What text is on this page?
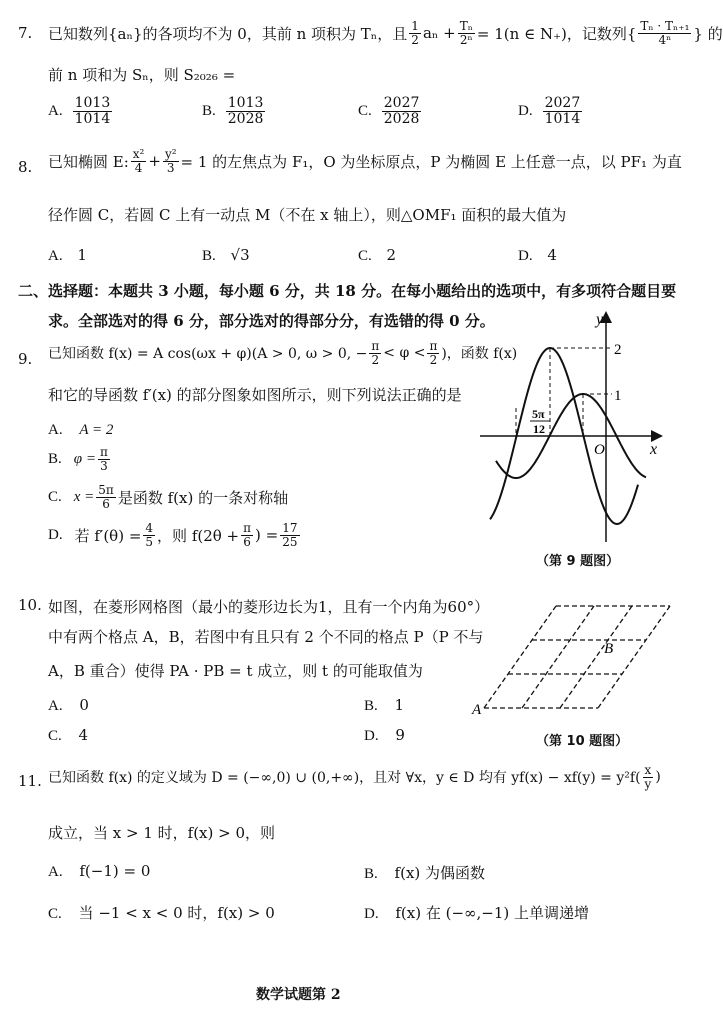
7. 已知数列{aₙ}的各项均不为 0，其前 n 项积为 Tₙ，且 $\frac{1}{2}$ $a_n + \frac{\text{Tₙ}}{\text{2ⁿ}} = 1(n$ ∈ N₊)，记数列{ $\frac{\text{Tₙ · Tₙ₊₁}}{\text{4ⁿ}}$ } 的
前 n 项和为 Sₙ，则 S₂₀₂₆ =
A. $\frac{1013}{1014}$	B. $\frac{1013}{2028}$	C. $\frac{2027}{2028}$	D. $\frac{2027}{1014}$
8. 已知椭圆 E: $\frac{\text{x²}}{4} + \frac{\text{y²}}{3} = 1$ 的左焦点为 F₁，O 为坐标原点，P 为椭圆 E 上任意一点，以 PF₁ 为直
径作圆 C，若圆 C 上有一动点 M（不在 x 轴上），则△OMF₁ 面积的最大值为
A. 1	B. √3	C. 2	D. 4
二、选择题：本题共 3 小题，每小题 6 分，共 18 分。在每小题给出的选项中，有多项符合题目要
求。全部选对的得 6 分，部分选对的得部分分，有选错的得 0 分。
9. 已知函数 f(x) = A cos(ωx + φ)(A > 0, ω > 0, − $\frac{\pi}{2} < \varphi < \frac{\pi}{2}$ )，函数 f(x)
和它的导函数 f′(x) 的部分图象如图所示，则下列说法正确的是
A. A = 2
B. $\varphi = \frac{\pi}{3}$
C. $x = \frac{5\pi}{6}$ 是函数 f(x) 的一条对称轴
D. 若 $f'(\theta) = \frac{4}{5}$ ，则 $f(2\theta + \frac{\pi}{6}$ ) = $\frac{17}{25}$
y
x
O
2
1
5π
12
（第 9 题图）
10. 如图，在菱形网格图（最小的菱形边长为1，且有一个内角为60°）
中有两个格点 A，B，若图中有且只有 2 个不同的格点 P（P 不与
A，B 重合）使得 PA · PB = t 成立，则 t 的可能取值为
A. 0	B. 1
C. 4	D. 9
A
B
（第 10 题图）
11. 已知函数 f(x) 的定义域为 D = (−∞,0) ∪ (0,+∞)，且对 ∀x，y ∈ D 均有 $yf(x) - xf(y) = y^2f( \frac{x}{y}$ )
成立，当 x > 1 时，f(x) > 0，则
A. f(−1) = 0	B. f(x) 为偶函数
C. 当 −1 < x < 0 时，f(x) > 0	D. f(x) 在 (−∞,−1) 上单调递增
数学试题第 2
